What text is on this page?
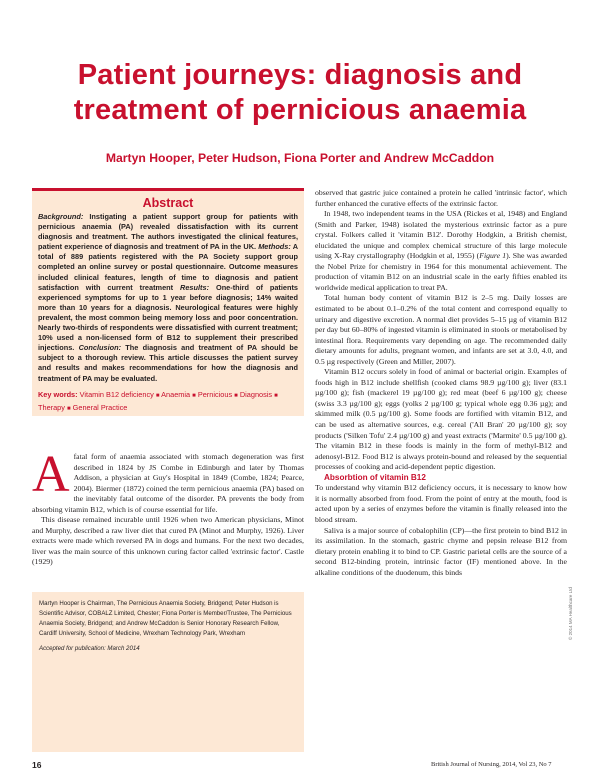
Patient journeys: diagnosis and
treatment of pernicious anaemia
Martyn Hooper, Peter Hudson, Fiona Porter and Andrew McCaddon
Abstract

Background: Instigating a patient support group for patients with pernicious anaemia (PA) revealed dissatisfaction with its current diagnosis and treatment. The authors investigated the clinical features, patient experience of diagnosis and treatment of PA in the UK. Methods: A total of 889 patients registered with the PA Society support group completed an online survey or postal questionnaire. Outcome measures included clinical features, length of time to diagnosis and patient satisfaction with current treatment Results: One-third of patients experienced symptoms for up to 1 year before diagnosis; 14% waited more than 10 years for a diagnosis. Neurological features were highly prevalent, the most common being memory loss and poor concentration. Nearly two-thirds of respondents were dissatisfied with current treatment; 10% used a non-licensed form of B12 to supplement their prescribed injections. Conclusion: The diagnosis and treatment of PA should be subject to a thorough review. This article discusses the patient survey and results and makes recommendations for how the diagnosis and treatment of PA may be evaluated.

Key words: Vitamin B12 deficiency ■ Anaemia ■ Pernicious ■ Diagnosis ■ Therapy ■ General Practice

Afatal form of anaemia associated with stomach degeneration was first described in 1824 by JS Combe in Edinburgh and later by Thomas Addison, a physician at Guy's Hospital in 1849 (Combe, 1824; Pearce, 2004). Biermer (1872) coined the term pernicious anaemia (PA) based on the inevitably fatal outcome of the disorder. PA prevents the body from absorbing vitamin B12, which is of course essential for life.

This disease remained incurable until 1926 when two American physicians, Minot and Murphy, described a raw liver diet that cured PA (Minot and Murphy, 1926). Liver extracts were made which reversed PA in dogs and humans. For the next two decades, liver was the main source of this unknown curing factor called 'extrinsic factor'. Castle (1929)

Martyn Hooper is Chairman, The Pernicious Anaemia Society, Bridgend; Peter Hudson is Scientific Advisor, COBALZ Limited, Chester; Fiona Porter is Member/Trustee, The Pernicious Anaemia Society, Bridgend; and Andrew McCaddon is Senior Honorary Research Fellow, Cardiff University, School of Medicine, Wrexham Technology Park, Wrexham
Accepted for publication: March 2014

observed that gastric juice contained a protein he called 'intrinsic factor', which further enhanced the curative effects of the extrinsic factor.

In 1948, two independent teams in the USA (Rickes et al, 1948) and England (Smith and Parker, 1948) isolated the mysterious extrinsic factor as a pure crystal. Folkers called it 'vitamin B12'. Dorothy Hodgkin, a British chemist, elucidated the unique and complex chemical structure of this large molecule using X-Ray crystallography (Hodgkin et al, 1955) (Figure 1). She was awarded the Nobel Prize for chemistry in 1964 for this monumental achievement. The production of vitamin B12 on an industrial scale in the early fifties enabled its worldwide medical application to treat PA.

Total human body content of vitamin B12 is 2–5 mg. Daily losses are estimated to be about 0.1–0.2% of the total content and correspond equally to urinary and digestive excretion. A normal diet provides 5–15 µg of vitamin B12 per day but 60–80% of ingested vitamin is eliminated in stools or metabolised by intestinal flora. Requirements vary depending on age. The recommended daily dietary amounts for adults, pregnant women, and infants are set at 3.0, 4.0, and 0.5 µg respectively (Green and Miller, 2007).

Vitamin B12 occurs solely in food of animal or bacterial origin. Examples of foods high in B12 include shellfish (cooked clams 98.9 µg/100 g); liver (83.1 µg/100 g); fish (mackerel 19 µg/100 g); red meat (beef 6 µg/100 g); cheese (swiss 3.3 µg/100 g); eggs (yolks 2 µg/100 g; typical whole egg 0.36 µg); and skimmed milk (0.5 µg/100 g). Some foods are fortified with vitamin B12, and can be used as alternative sources, e.g. cereal ('All Bran' 20 µg/100 g); soy products ('Silken Tofu' 2.4 µg/100 g) and yeast extracts ('Marmite' 0.5 µg/100 g). The vitamin B12 in these foods is mainly in the form of methyl-B12 and adenosyl-B12. Food B12 is always protein-bound and released by the sequential processes of cooking and acid-dependent peptic digestion.

Absorbtion of vitamin B12

To understand why vitamin B12 deficiency occurs, it is necessary to know how it is normally absorbed from food. From the point of entry at the mouth, food is acted upon by a series of enzymes before the vitamin is finally released into the blood stream.

Saliva is a major source of cobalophilin (CP)—the first protein to bind B12 in its assimilation. In the stomach, gastric chyme and pepsin release B12 from dietary protein enabling it to bind to CP. Gastric parietal cells are the source of a second B12-binding protein, intrinsic factor (IF) mentioned above. In the alkaline conditions of the duodenum, this binds

© 2014 MA Healthcare Ltd
16	British Journal of Nursing, 2014, Vol 23, No 7
